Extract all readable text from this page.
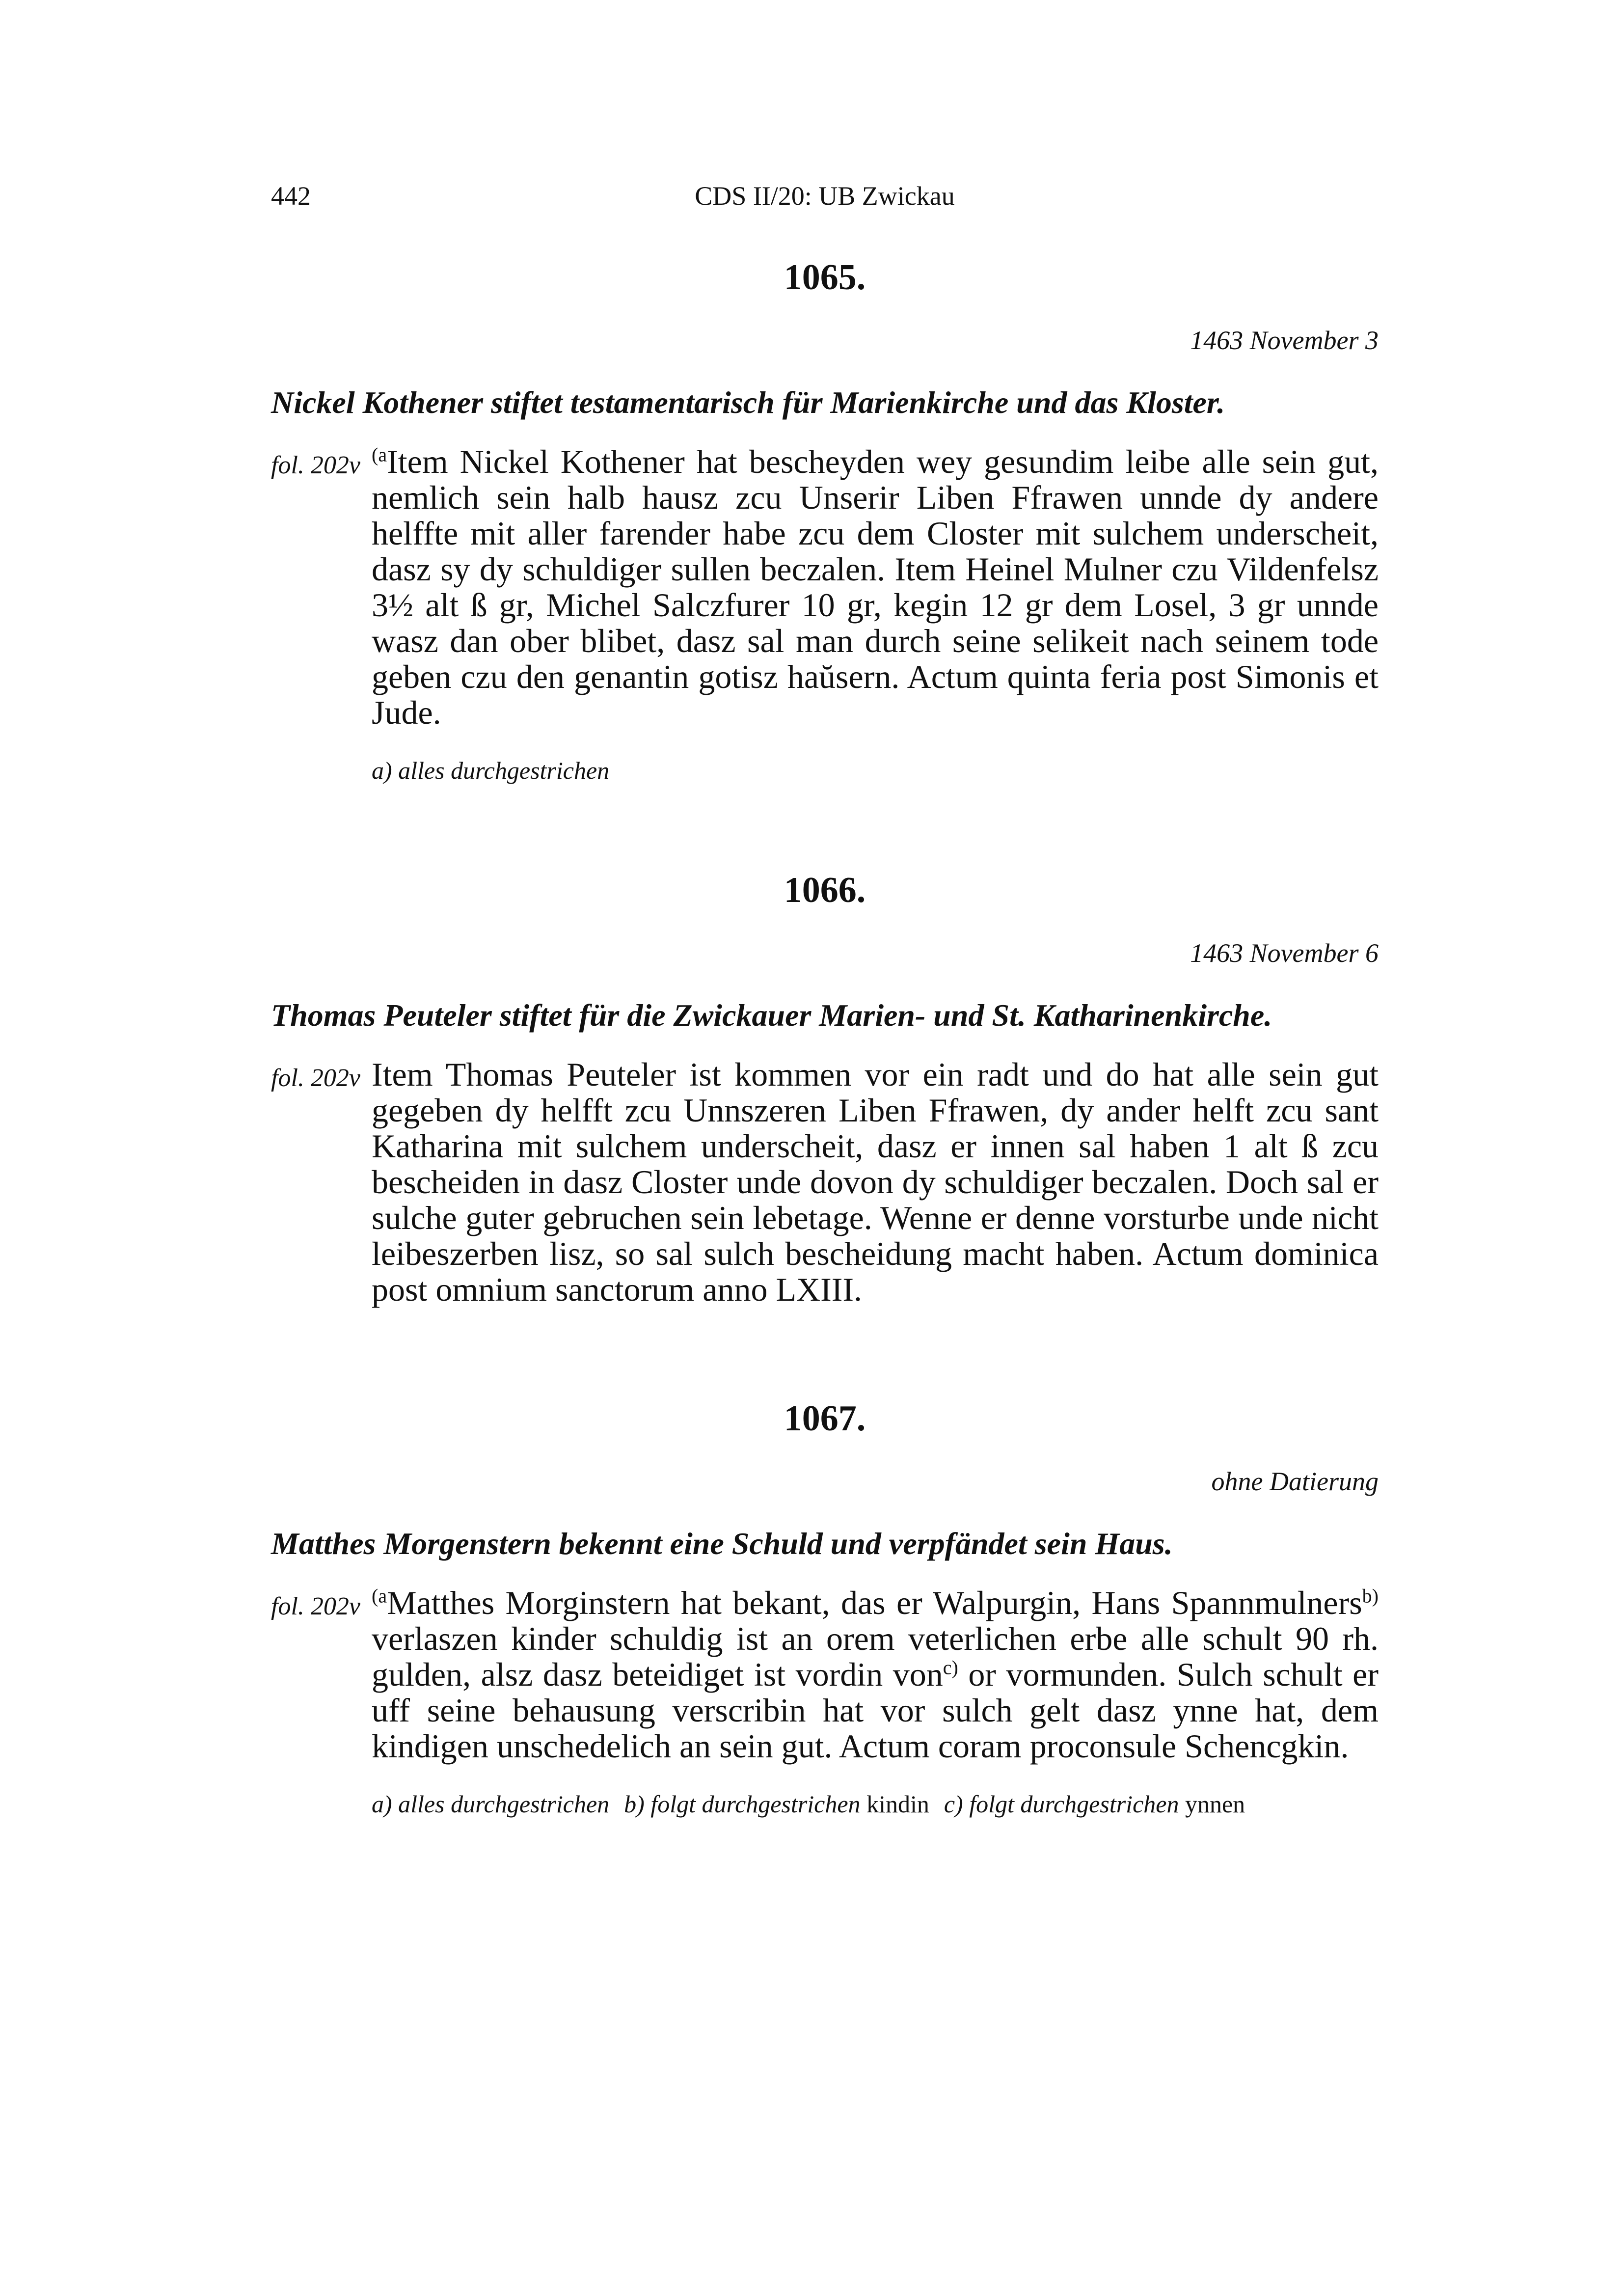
442	CDS II/20: UB Zwickau
1065.
1463 November 3
Nickel Kothener stiftet testamentarisch für Marienkirche und das Kloster.
fol. 202v $^{(a}$Item Nickel Kothener hat bescheyden wey gesundim leibe alle sein gut, nemlich sein halb hausz zcu Unserir Liben Ffrawen unnde dy andere helffte mit aller farender habe zcu dem Closter mit sulchem underscheit, dasz sy dy schuldiger sullen beczalen. Item Heinel Mulner czu Vildenfelsz 3½ alt ß gr, Michel Salczfurer 10 gr, kegin 12 gr dem Losel, 3 gr unnde wasz dan ober blibet, dasz sal man durch seine selikeit nach seinem tode geben czu den genantin gotisz haŭsern. Actum quinta feria post Simonis et Jude.

a) alles durchgestrichen
1066.
1463 November 6
Thomas Peuteler stiftet für die Zwickauer Marien- und St. Katharinenkirche.
fol. 202v Item Thomas Peuteler ist kommen vor ein radt und do hat alle sein gut gegeben dy helfft zcu Unnszeren Liben Ffrawen, dy ander helft zcu sant Katharina mit sulchem underscheit, dasz er innen sal haben 1 alt ß zcu bescheiden in dasz Closter unde dovon dy schuldiger beczalen. Doch sal er sulche guter gebruchen sein lebetage. Wenne er denne vorsturbe unde nicht leibeszerben lisz, so sal sulch bescheidung macht haben. Actum dominica post omnium sanctorum anno LXIII.

1067.
ohne Datierung
Matthes Morgenstern bekennt eine Schuld und verpfändet sein Haus.
fol. 202v $^{(a}$Matthes Morginstern hat bekant, das er Walpurgin, Hans Spannmulners$^{b)}$ verlaszen kinder schuldig ist an orem veterlichen erbe alle schult 90 rh. gulden, alsz dasz beteidiget ist vordin von$^{c)}$ or vormunden. Sulch schult er uff seine behausung verscribin hat vor sulch gelt dasz ynne hat, dem kindigen unschedelich an sein gut. Actum coram proconsule Schencgkin.

a) alles durchgestrichen b) folgt durchgestrichen kindin c) folgt durchgestrichen ynnen
